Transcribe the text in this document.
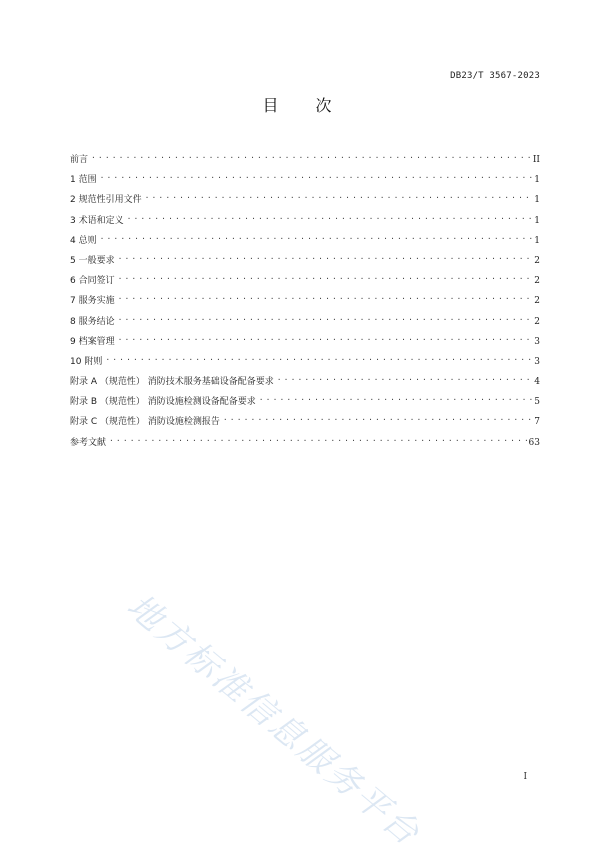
DB23/T 3567-2023
目 次
前言 .....	II
1 范围 .....	1
2 规范性引用文件 .....	1
3 术语和定义 .....	1
4 总则 .....	1
5 一般要求 .....	2
6 合同签订 .....	2
7 服务实施 .....	2
8 服务结论 .....	2
9 档案管理 .....	3
10 附则 .....	3
附录 A （规范性） 消防技术服务基础设备配备要求 .....	4
附录 B （规范性） 消防设施检测设备配备要求 .....	5
附录 C （规范性） 消防设施检测报告 .....	7
参考文献 .....	63
地方标准信息服务平台	I
